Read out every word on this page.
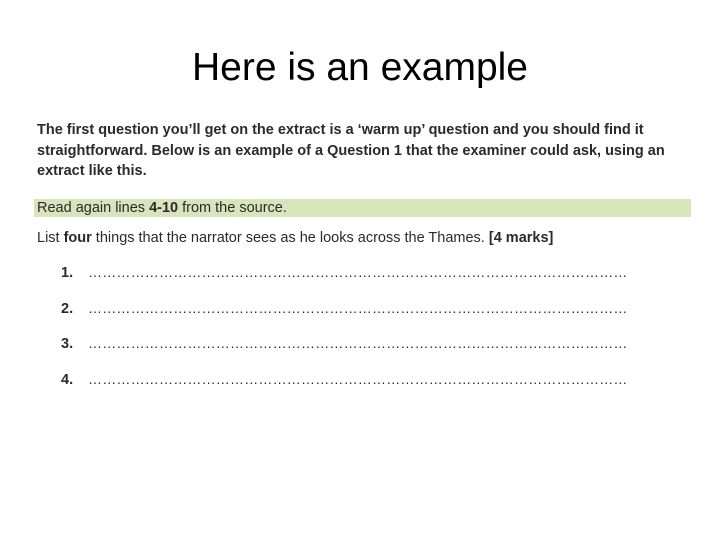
Here is an example

The first question you’ll get on the extract is a ‘warm up’ question and you should find it
straightforward. Below is an example of a Question 1 that the examiner could ask, using an
extract like this.

Read again lines 4-10 from the source.

List four things that the narrator sees as he looks across the Thames. [4 marks]

1.	……………………………………………………………………………………………………
2.	……………………………………………………………………………………………………
3.	……………………………………………………………………………………………………
4.	……………………………………………………………………………………………………
